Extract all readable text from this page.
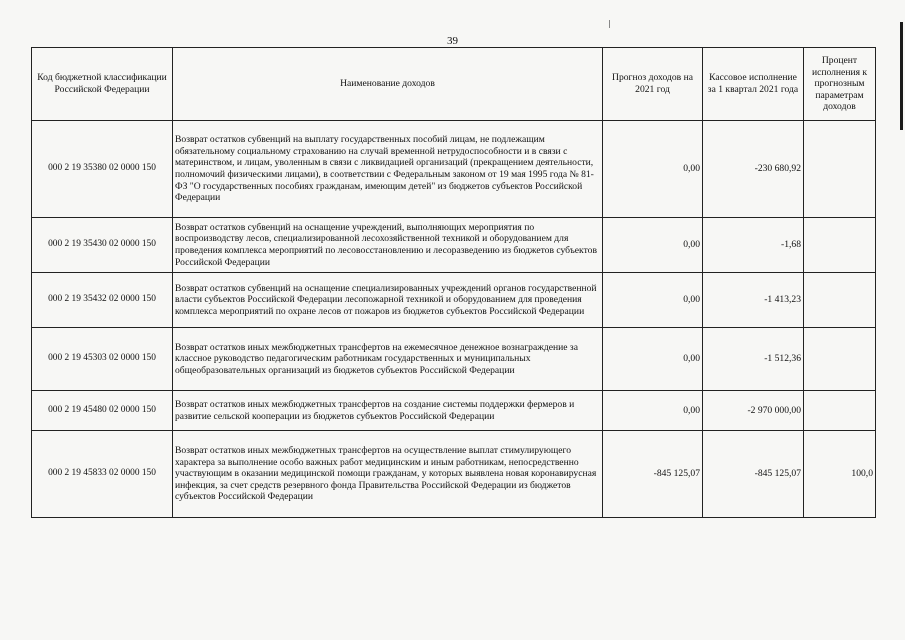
39
Код бюджетной классификации Российской Федерации	Наименование доходов	Прогноз доходов на 2021 год	Кассовое исполнение за 1 квартал 2021 года	Процент исполнения к прогнозным параметрам доходов
000 2 19 35380 02 0000 150	Возврат остатков субвенций на выплату государственных пособий лицам, не подлежащим обязательному социальному страхованию на случай временной нетрудоспособности и в связи с материнством, и лицам, уволенным в связи с ликвидацией организаций (прекращением деятельности, полномочий физическими лицами), в соответствии с Федеральным законом от 19 мая 1995 года № 81-ФЗ "О государственных пособиях гражданам, имеющим детей" из бюджетов субъектов Российской Федерации	0,00	-230 680,92	
000 2 19 35430 02 0000 150	Возврат остатков субвенций на оснащение учреждений, выполняющих мероприятия по воспроизводству лесов, специализированной лесохозяйственной техникой и оборудованием для проведения комплекса мероприятий по лесовосстановлению и лесоразведению из бюджетов субъектов Российской Федерации	0,00	-1,68	
000 2 19 35432 02 0000 150	Возврат остатков субвенций на оснащение специализированных учреждений органов государственной власти субъектов Российской Федерации лесопожарной техникой и оборудованием для проведения комплекса мероприятий по охране лесов от пожаров из бюджетов субъектов Российской Федерации	0,00	-1 413,23	
000 2 19 45303 02 0000 150	Возврат остатков иных межбюджетных трансфертов на ежемесячное денежное вознаграждение за классное руководство педагогическим работникам государственных и муниципальных общеобразовательных организаций из бюджетов субъектов Российской Федерации	0,00	-1 512,36	
000 2 19 45480 02 0000 150	Возврат остатков иных межбюджетных трансфертов на создание системы поддержки фермеров и развитие сельской кооперации из бюджетов субъектов Российской Федерации	0,00	-2 970 000,00	
000 2 19 45833 02 0000 150	Возврат остатков иных межбюджетных трансфертов на осуществление выплат стимулирующего характера за выполнение особо важных работ медицинским и иным работникам, непосредственно участвующим в оказании медицинской помощи гражданам, у которых выявлена новая коронавирусная инфекция, за счет средств резервного фонда Правительства Российской Федерации из бюджетов субъектов Российской Федерации	-845 125,07	-845 125,07	100,0
